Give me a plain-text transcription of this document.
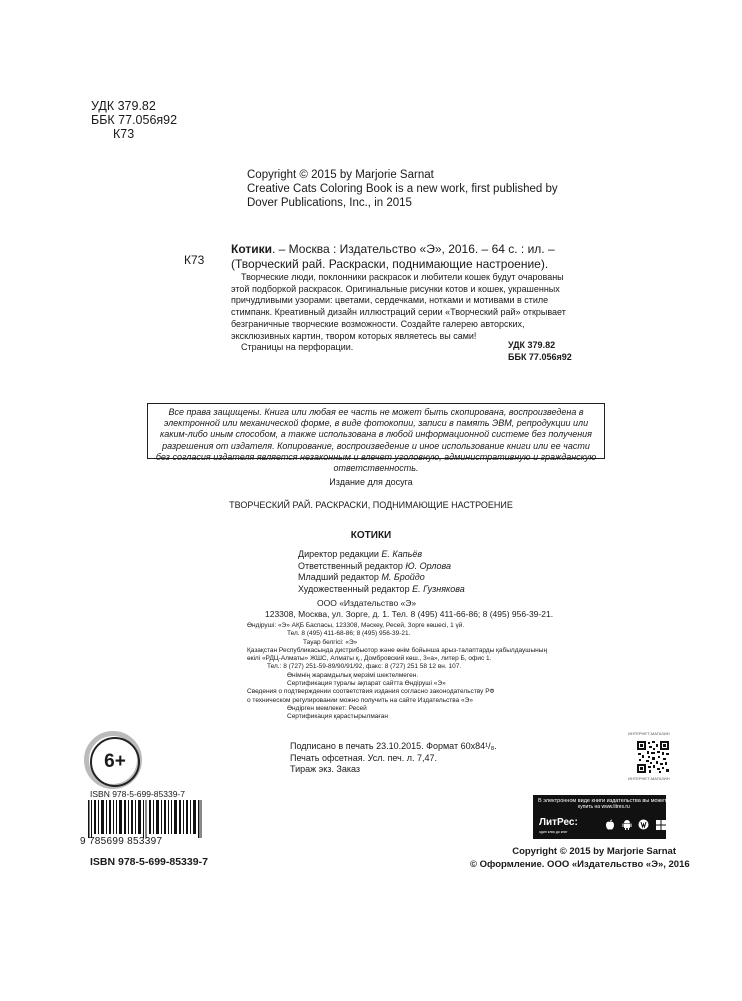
УДК 379.82
ББК 77.056я92
К73
Copyright © 2015 by Marjorie Sarnat
Creative Cats Coloring Book is a new work, first published by
Dover Publications, Inc., in 2015
К73
Котики. – Москва : Издательство «Э», 2016. – 64 с. : ил. – (Творческий рай. Раскраски, поднимающие настроение).

Творческие люди, поклонники раскрасок и любители кошек будут очарованы этой подборкой раскрасок. Оригинальные рисунки котов и кошек, украшенных причудливыми узорами: цветами, сердечками, нотками и мотивами в стиле стимпанк. Креативный дизайн иллюстраций серии «Творческий рай» открывает безграничные творческие возможности. Создайте галерею авторских, эксклюзивных картин, твором которых являетесь вы сами!

Страницы на перфорации.	УДК 379.82
ББК 77.056я92
Все права защищены. Книга или любая ее часть не может быть скопирована, воспроизведена в электронной или механической форме, в виде фотокопии, записи в память ЭВМ, репродукции или каким-либо иным способом, а также использована в любой информационной системе без получения разрешения от издателя. Копирование, воспроизведение и иное использование книги или ее части без согласия издателя является незаконным и влечет уголовную, административную и гражданскую ответственность.
Издание для досуга
ТВОРЧЕСКИЙ РАЙ. РАСКРАСКИ, ПОДНИМАЮЩИЕ НАСТРОЕНИЕ
КОТИКИ
Директор редакции Е. Капьёв
Ответственный редактор Ю. Орлова
Младший редактор М. Бройдо
Художественный редактор Е. Гузнякова
ООО «Издательство «Э»
123308, Москва, ул. Зорге, д. 1. Тел. 8 (495) 411-66-86; 8 (495) 956-39-21.
Өндіруші: «Э» АҚБ Баспасы, 123308, Мәскеу, Ресей, Зорге көшесі, 1 үй.
Тел. 8 (495) 411-68-86; 8 (495) 956-39-21.
Тауар белгісі: «Э»
Қазақстан Республикасында дистрибьютор және өнім бойынша арыз-талаптарды қабылдаушының
өкілі «РДЦ-Алматы» ЖШС, Алматы қ., Домбровский көш., 3«а», литер Б, офис 1.
Тел.: 8 (727) 251-59-89/90/91/92, факс: 8 (727) 251 58 12 вн. 107.
Өнімнің жарамдылық мерзімі шектелмеген.
Сертификация туралы ақпарат сайтта Өндіруші «Э»
Сведения о подтверждении соответствия издания согласно законодательству РФ
о техническом регулировании можно получить на сайте Издательства «Э»
Өндірген мемлекет: Ресей
Сертификация қарастырылмаған
Подписано в печать 23.10.2015. Формат 60x84¹/₈.
Печать офсетная. Усл. печ. л. 7,47.
Тираж экз. Заказ
6+
ISBN 978-5-699-85339-7
9 785699 853397
ISBN 978-5-699-85339-7
ИНТЕРНЕТ-МАГАЗИН
ИНТЕРНЕТ-МАГАЗИН
В электронном виде книги издательства вы можете
купить на www.litres.ru
ЛитРес:
один клик до книг
Copyright © 2015 by Marjorie Sarnat
© Оформление. ООО «Издательство «Э», 2016
